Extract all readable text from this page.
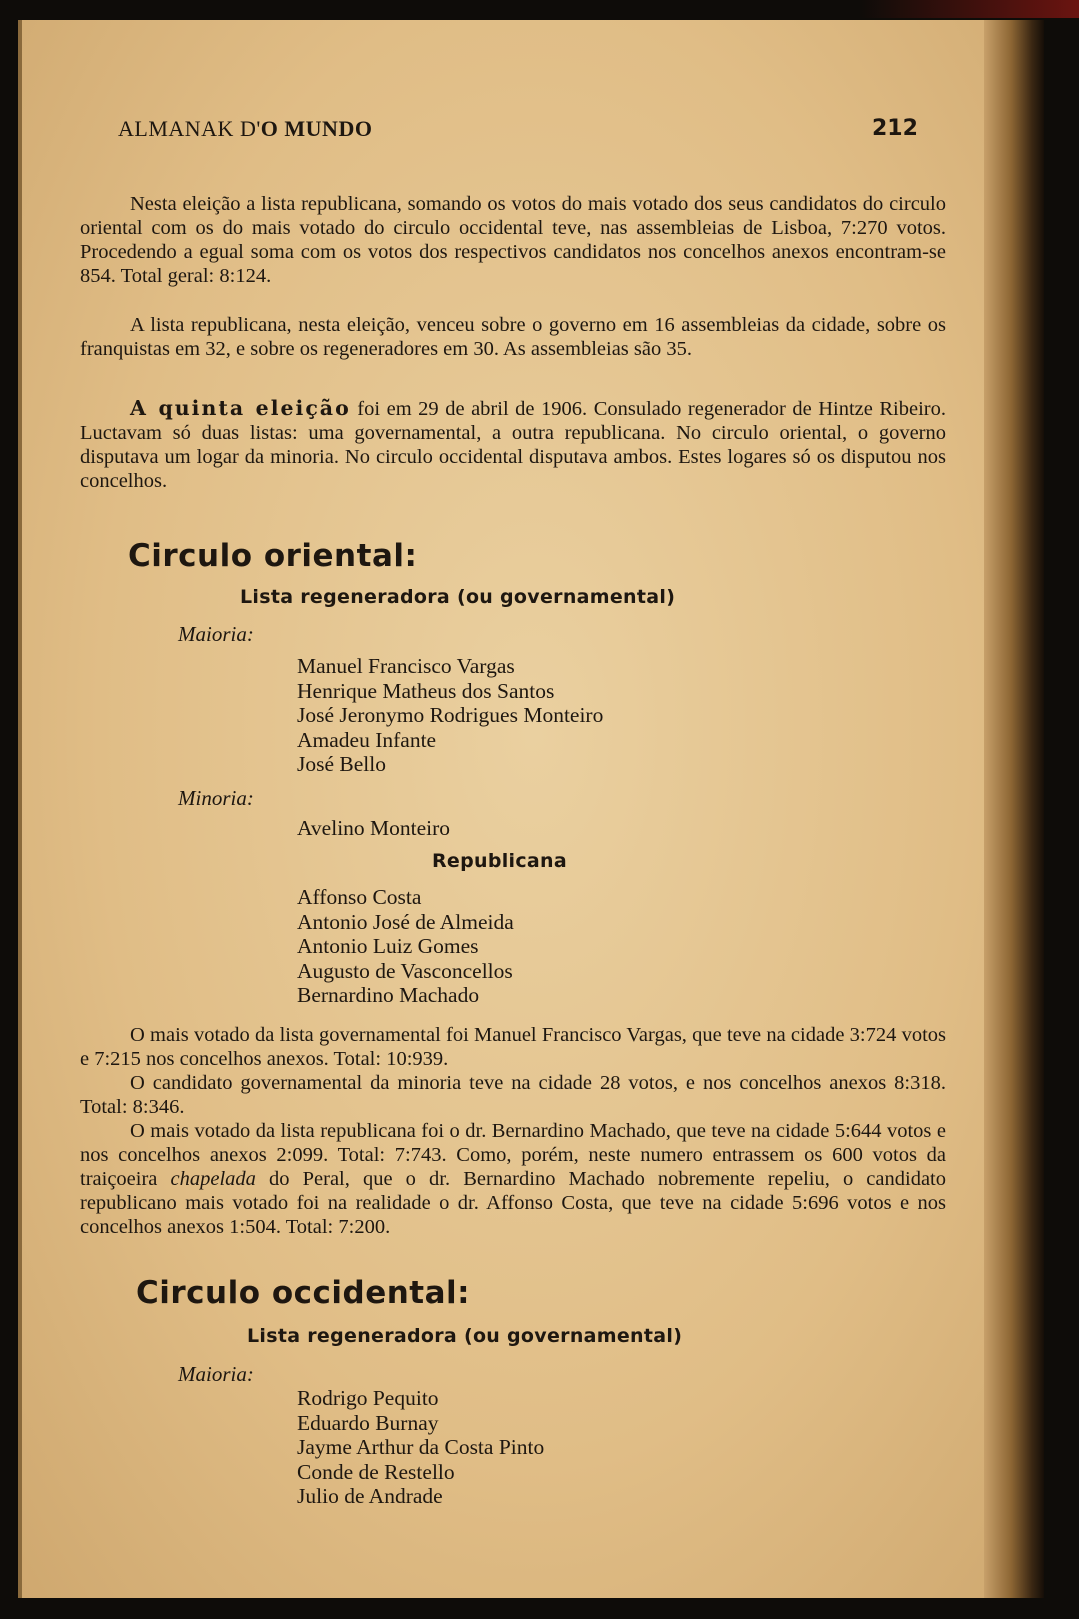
ALMANAK D'O MUNDO	212

Nesta eleição a lista republicana, somando os votos do mais votado dos seus candidatos do circulo oriental com os do mais votado do circulo occidental teve, nas assembleias de Lisboa, 7:270 votos. Procedendo a egual soma com os votos dos respectivos candidatos nos concelhos anexos encontram-se 854. Total geral: 8:124.

A lista republicana, nesta eleição, venceu sobre o governo em 16 assembleias da cidade, sobre os franquistas em 32, e sobre os regeneradores em 30. As assembleias são 35.

A quinta eleição foi em 29 de abril de 1906. Consulado regenerador de Hintze Ribeiro. Luctavam só duas listas: uma governamental, a outra republicana. No circulo oriental, o governo disputava um logar da minoria. No circulo occidental disputava ambos. Estes logares só os disputou nos concelhos.

Circulo oriental:
Lista regeneradora (ou governamental)
Maioria:
Manuel Francisco Vargas
Henrique Matheus dos Santos
José Jeronymo Rodrigues Monteiro
Amadeu Infante
José Bello
Minoria:
Avelino Monteiro
Republicana
Affonso Costa
Antonio José de Almeida
Antonio Luiz Gomes
Augusto de Vasconcellos
Bernardino Machado

O mais votado da lista governamental foi Manuel Francisco Vargas, que teve na cidade 3:724 votos e 7:215 nos concelhos anexos. Total: 10:939.

O candidato governamental da minoria teve na cidade 28 votos, e nos concelhos anexos 8:318. Total: 8:346.

O mais votado da lista republicana foi o dr. Bernardino Machado, que teve na cidade 5:644 votos e nos concelhos anexos 2:099. Total: 7:743. Como, porém, neste numero entrassem os 600 votos da traiçoeira chapelada do Peral, que o dr. Bernardino Machado nobremente repeliu, o candidato republicano mais votado foi na realidade o dr. Affonso Costa, que teve na cidade 5:696 votos e nos concelhos anexos 1:504. Total: 7:200.

Circulo occidental:
Lista regeneradora (ou governamental)
Maioria:
Rodrigo Pequito
Eduardo Burnay
Jayme Arthur da Costa Pinto
Conde de Restello
Julio de Andrade
